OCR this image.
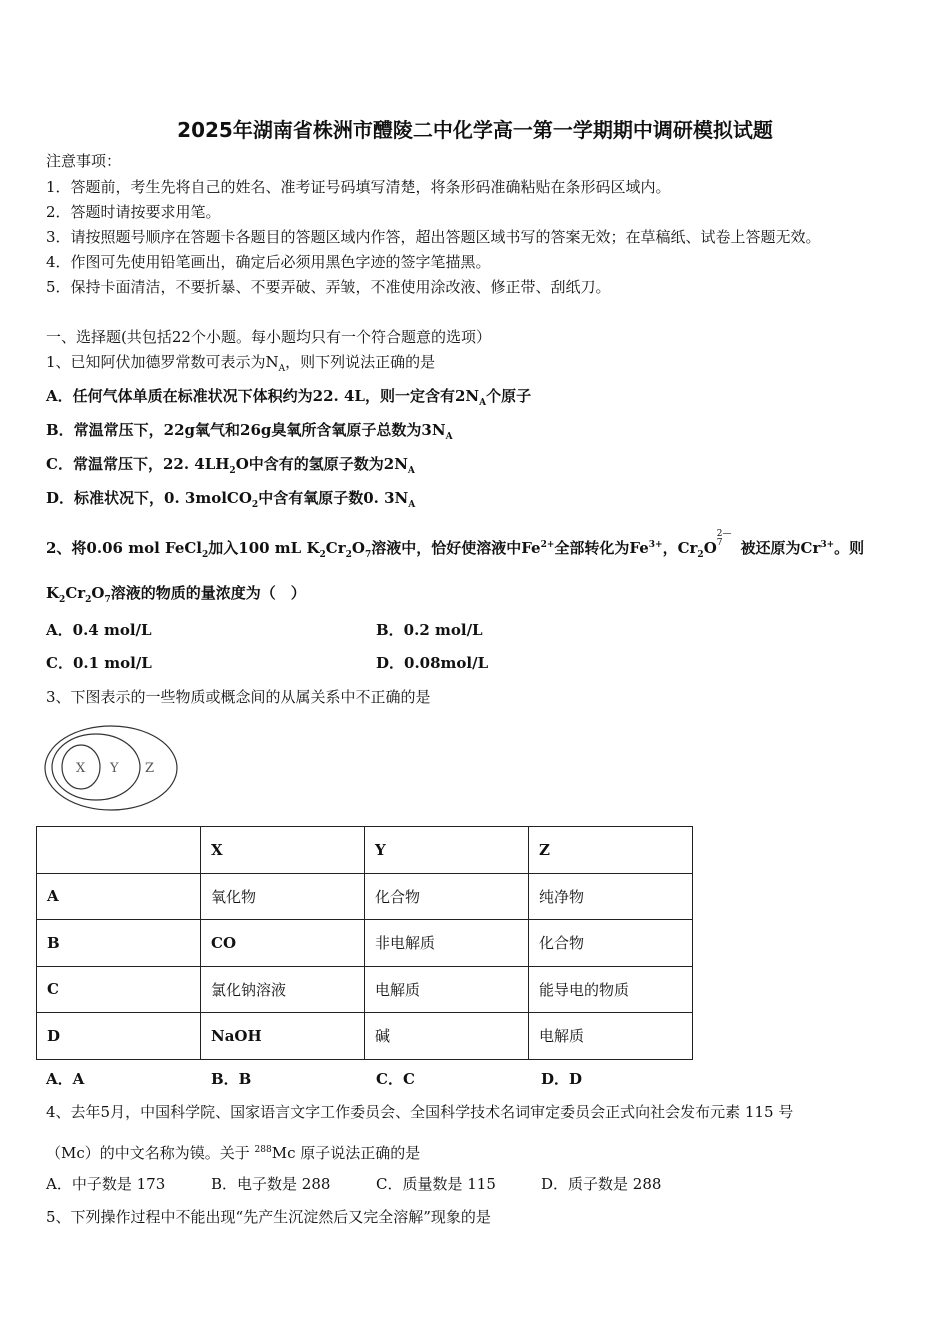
2025年湖南省株洲市醴陵二中化学高一第一学期期中调研模拟试题
注意事项：
1．答题前，考生先将自己的姓名、准考证号码填写清楚，将条形码准确粘贴在条形码区域内。
2．答题时请按要求用笔。
3．请按照题号顺序在答题卡各题目的答题区域内作答，超出答题区域书写的答案无效；在草稿纸、试卷上答题无效。
4．作图可先使用铅笔画出，确定后必须用黑色字迹的签字笔描黑。
5．保持卡面清洁，不要折暴、不要弄破、弄皱，不准使用涂改液、修正带、刮纸刀。
一、选择题(共包括22个小题。每小题均只有一个符合题意的选项）
1、已知阿伏加德罗常数可表示为$N_A$，则下列说法正确的是
A．任何气体单质在标准状况下体积约为22. 4L，则一定含有$2N_A$个原子
B．常温常压下，22g氧气和26g臭氧所含氧原子总数为$3N_A$
C．常温常压下，22. $4LH_2O$中含有的氢原子数为$2N_A$
D．标准状况下，0. 3molCO$_2$中含有氧原子数0. $3N_A$
2、将0.06 mol FeCl$_2$加入100 mL $K_2Cr_2O_7$溶液中，恰好使溶液中$Fe^{2+}$全部转化为$Fe^{3+}$，$Cr_2O^{7 2—}$
被还原为$Cr^{3+}$。则
$K_2Cr_2O_7$溶液的物质的量浓度为（　）
A．0.4 mol/L	B．0.2 mol/L
C．0.1 mol/L	D．0.08mol/L
3、下图表示的一些物质或概念间的从属关系中不正确的是
X Y Z
	X	Y	Z
A	氧化物	化合物	纯净物
B	CO	非电解质	化合物
C	氯化钠溶液	电解质	能导电的物质
D	NaOH	碱	电解质
A．A	B．B	C．C	D．D
4、去年5月，中国科学院、国家语言文字工作委员会、全国科学技术名词审定委员会正式向社会发布元素 115 号
（Mc）的中文名称为镆。关于 $^{288}$Mc 原子说法正确的是
A．中子数是 173	B．电子数是 288	C．质量数是 115	D．质子数是 288
5、下列操作过程中不能出现“先产生沉淀然后又完全溶解”现象的是
